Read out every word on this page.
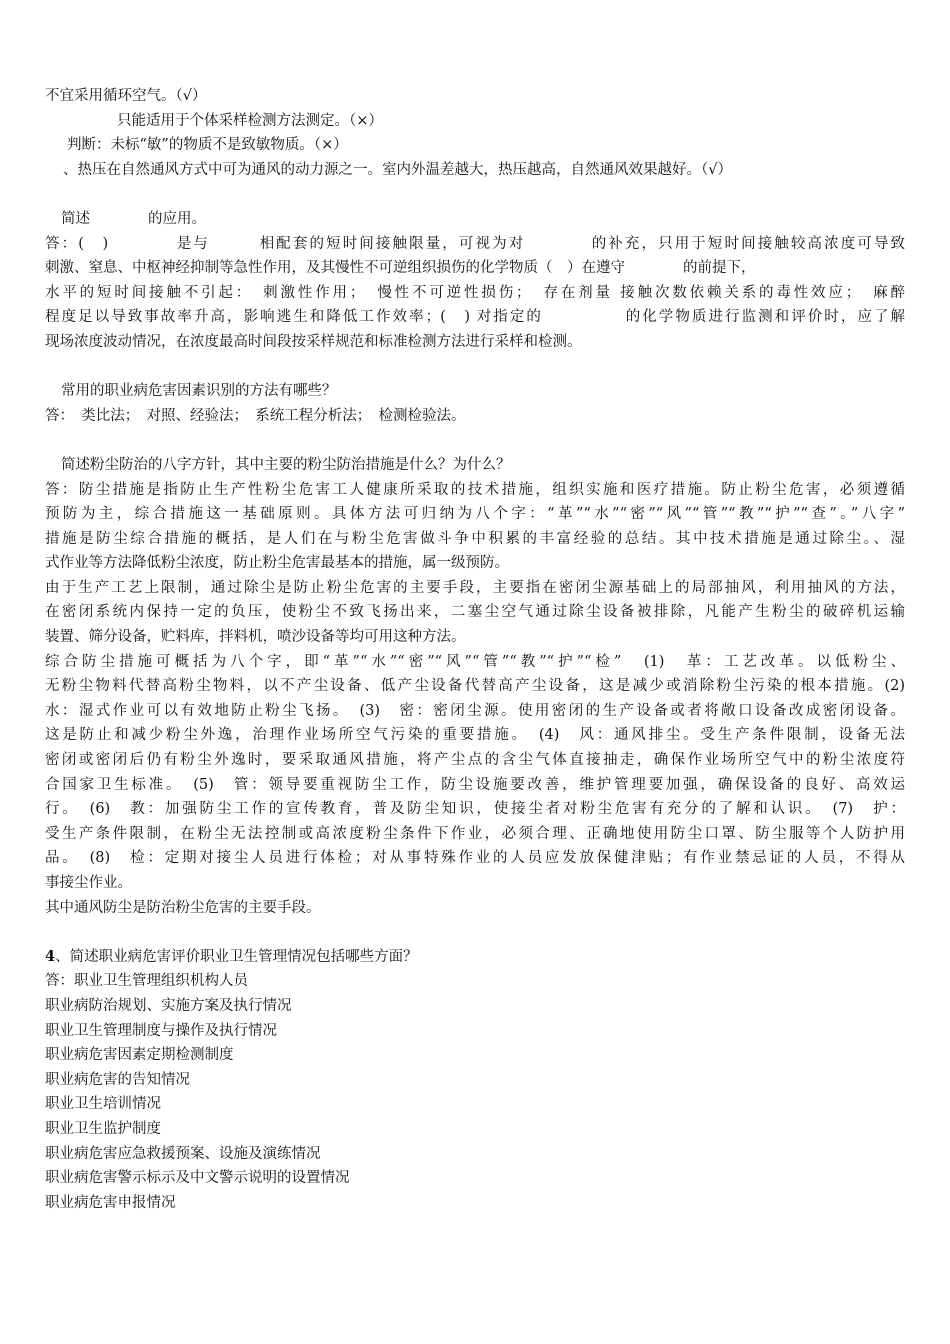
不宜采用循环空气。（√）
只能适用于个体采样检测方法测定。（×）
判断：未标“敏”的物质不是致敏物质。（×）
、热压在自然通风方式中可为通风的动力源之一。室内外温差越大，热压越高，自然通风效果越好。（√）
简述　　　　的应用。
答：(　)　　　　是与　　　相配套的短时间接触限量，可视为对　　　　的补充，只用于短时间接触较高浓度可导致
刺激、窒息、中枢神经抑制等急性作用，及其慢性不可逆组织损伤的化学物质（　）在遵守　　　　的前提下，
水平的短时间接触不引起：　刺激性作用；　慢性不可逆性损伤；　存在剂量 接触次数依赖关系的毒性效应；　麻醉
程度足以导致事故率升高，影响逃生和降低工作效率；(　) 对指定的　　　　　的化学物质进行监测和评价时，应了解
现场浓度波动情况，在浓度最高时间段按采样规范和标准检测方法进行采样和检测。
常用的职业病危害因素识别的方法有哪些？
答：　类比法；　对照、经验法；　系统工程分析法；　检测检验法。
简述粉尘防治的八字方针，其中主要的粉尘防治措施是什么？为什么？
答：防尘措施是指防止生产性粉尘危害工人健康所采取的技术措施，组织实施和医疗措施。防止粉尘危害，必须遵循
预防为主，综合措施这一基础原则。具体方法可归纳为八个字：“革”“水”“密”“风”“管”“教”“护”“查”。”八字”
措施是防尘综合措施的概括，是人们在与粉尘危害做斗争中积累的丰富经验的总结。其中技术措施是通过除尘。、湿
式作业等方法降低粉尘浓度，防止粉尘危害最基本的措施，属一级预防。
由于生产工艺上限制，通过除尘是防止粉尘危害的主要手段，主要指在密闭尘源基础上的局部抽风，利用抽风的方法，
在密闭系统内保持一定的负压，使粉尘不致飞扬出来，二塞尘空气通过除尘设备被排除，凡能产生粉尘的破碎机运输
装置、筛分设备，贮料库，拌料机，喷沙设备等均可用这种方法。
综合防尘措施可概括为八个字，即“革”“水”“密”“风”“管”“教”“护”“检”　(1)　革：工艺改革。以低粉尘、
无粉尘物料代替高粉尘物料，以不产尘设备、低产尘设备代替高产尘设备，这是减少或消除粉尘污染的根本措施。(2)
水：湿式作业可以有效地防止粉尘飞扬。　(3)　密：密闭尘源。使用密闭的生产设备或者将敞口设备改成密闭设备。
这是防止和减少粉尘外逸，治理作业场所空气污染的重要措施。　(4)　风：通风排尘。受生产条件限制，设备无法
密闭或密闭后仍有粉尘外逸时，要采取通风措施，将产尘点的含尘气体直接抽走，确保作业场所空气中的粉尘浓度符
合国家卫生标准。　(5)　管：领导要重视防尘工作，防尘设施要改善，维护管理要加强，确保设备的良好、高效运
行。　(6)　教：加强防尘工作的宣传教育，普及防尘知识，使接尘者对粉尘危害有充分的了解和认识。　(7)　护：
受生产条件限制，在粉尘无法控制或高浓度粉尘条件下作业，必须合理、正确地使用防尘口罩、防尘服等个人防护用
品。　(8)　检：定期对接尘人员进行体检；对从事特殊作业的人员应发放保健津贴；有作业禁忌证的人员，不得从
事接尘作业。
其中通风防尘是防治粉尘危害的主要手段。
4、简述职业病危害评价职业卫生管理情况包括哪些方面？
答：职业卫生管理组织机构人员
职业病防治规划、实施方案及执行情况
职业卫生管理制度与操作及执行情况
职业病危害因素定期检测制度
职业病危害的告知情况
职业卫生培训情况
职业卫生监护制度
职业病危害应急救援预案、设施及演练情况
职业病危害警示标示及中文警示说明的设置情况
职业病危害申报情况
